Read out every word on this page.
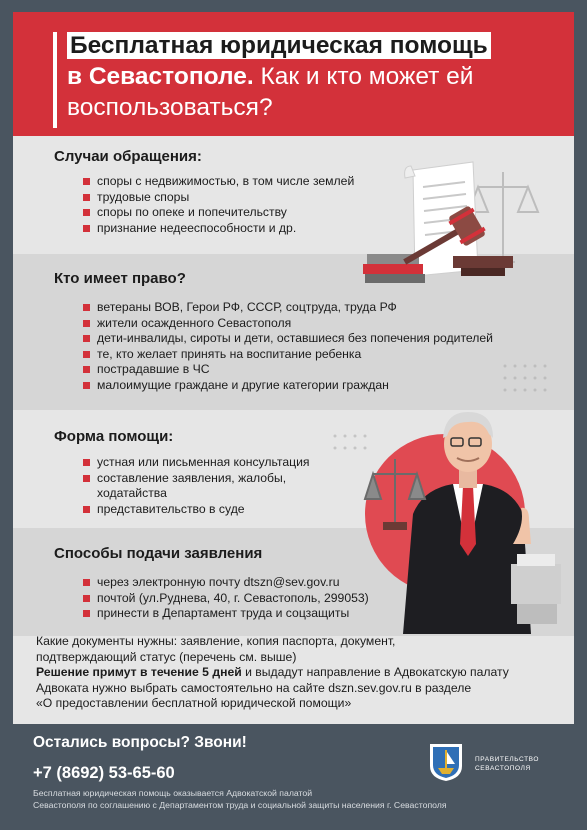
Бесплатная юридическая помощь
в Севастополе. Как и кто может ей
воспользоваться?
Случаи обращения:
споры с недвижимостью, в том числе землей
трудовые споры
споры по опеке и попечительству
признание недееспособности и др.
Кто имеет право?
ветераны ВОВ, Герои РФ, СССР, соцтруда, труда РФ
жители осажденного Севастополя
дети-инвалиды, сироты и дети, оставшиеся без попечения родителей
те, кто желает принять на воспитание ребенка
пострадавшие в ЧС
малоимущие граждане и другие категории граждан
Форма помощи:
устная или письменная консультация
составление заявления, жалобы, ходатайства
представительство в суде
Способы подачи заявления
через электронную почту dtszn@sev.gov.ru
почтой (ул.Руднева, 40, г. Севастополь, 299053)
принести в Департамент труда и соцзащиты

Какие документы нужны: заявление, копия паспорта, документ,

подтверждающий статус (перечень см. выше)

Решение примут в течение 5 дней и выдадут направление в Адвокатскую палату

Адвоката нужно выбрать самостоятельно на сайте dszn.sev.gov.ru в разделе

«О предоставлении бесплатной юридической помощи»

Остались вопросы? Звони!
+7 (8692) 53-65-60
Бесплатная юридическая помощь оказывается Адвокатской палатой
Севастополя по соглашению с Департаментом труда и социальной защиты населения г. Севастополя
ПРАВИТЕЛЬСТВО
СЕВАСТОПОЛЯ
